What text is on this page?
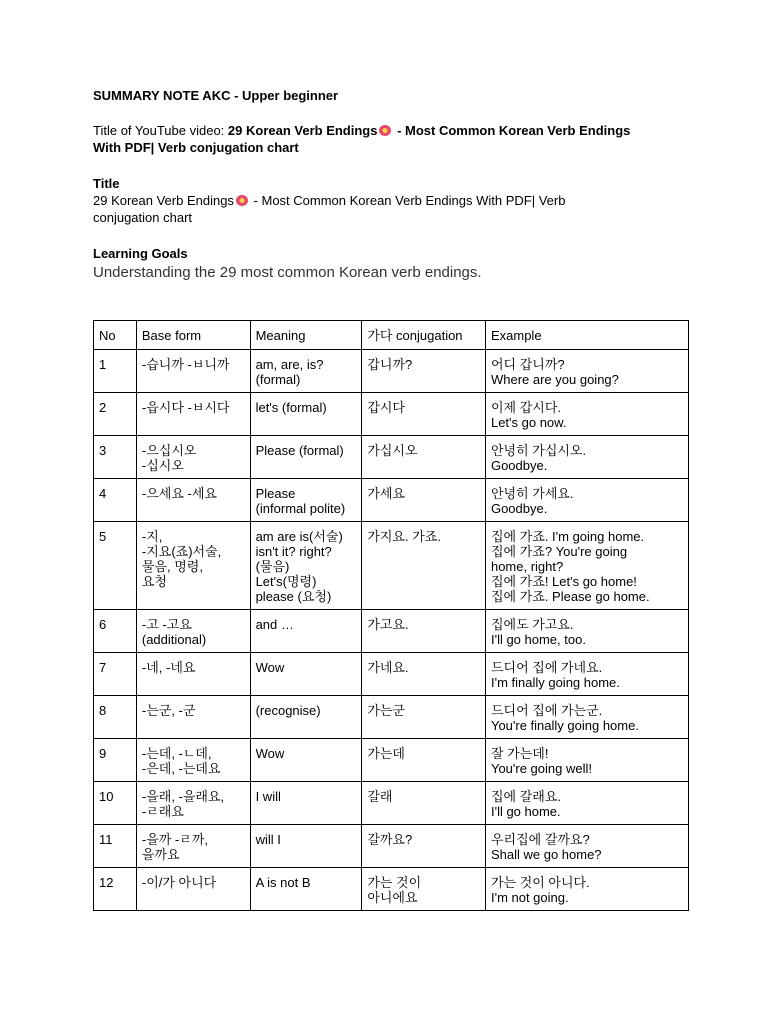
SUMMARY NOTE AKC - Upper beginner
Title of YouTube video: 29 Korean Verb Endings - Most Common Korean Verb Endings With PDF| Verb conjugation chart
Title
29 Korean Verb Endings - Most Common Korean Verb Endings With PDF| Verb conjugation chart
Learning Goals
Understanding the 29 most common Korean verb endings.
No	Base form	Meaning	가다 conjugation	Example
1	-습니까 -ㅂ니까	am, are, is?
(formal)	갑니까?	어디 갑니까?
Where are you going?
2	-읍시다 -ㅂ시다	let's (formal)	갑시다	이제 갑시다.
Let's go now.
3	-으십시오
-십시오	Please (formal)	가십시오	안녕히 가십시오.
Goodbye.
4	-으세요 -세요	Please
(informal polite)	가세요	안녕히 가세요.
Goodbye.
5	-지,
-지요(죠)서술,
물음, 명령,
요청	am are is(서술)
isn't it? right?
(물음)
Let's(명령)
please (요청)	가지요. 가죠.	집에 가죠. I'm going home.
집에 가죠? You're going
home, right?
집에 가죠! Let's go home!
집에 가죠. Please go home.
6	-고 -고요
(additional)	and …	가고요.	집에도 가고요.
I'll go home, too.
7	-네, -네요	Wow	가네요.	드디어 집에 가네요.
I'm finally going home.
8	-는군, -군	(recognise)	가는군	드디어 집에 가는군.
You're finally going home.
9	-는데, -ㄴ데,
-은데, -는데요	Wow	가는데	잘 가는데!
You're going well!
10	-을래, -을래요,
-ㄹ래요	I will	갈래	집에 갈래요.
I'll go home.
11	-을까 -ㄹ까,
을까요	will I	갈까요?	우리집에 갈까요?
Shall we go home?
12	-이/가 아니다	A is not B	가는 것이
아니에요	가는 것이 아니다.
I'm not going.
